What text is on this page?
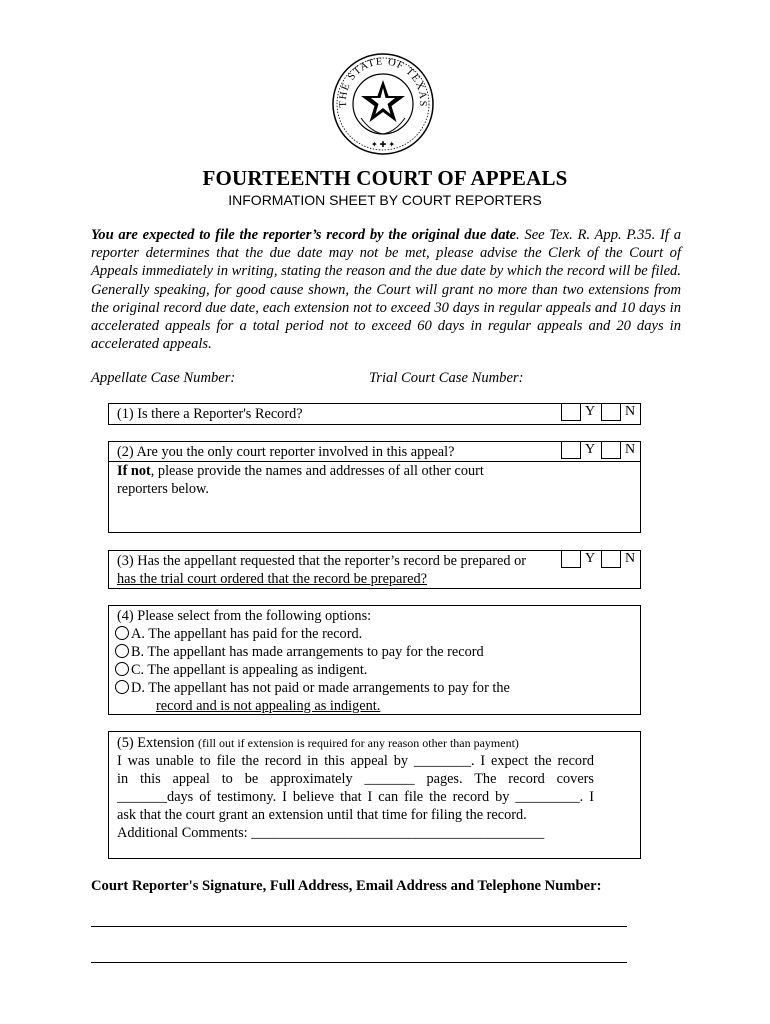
THE STATE OF TEXAS
✦ ✚ ✦
FOURTEENTH COURT OF APPEALS
INFORMATION SHEET BY COURT REPORTERS
You are expected to file the reporter’s record by the original due date. See Tex. R. App. P.35. If a reporter determines that the due date may not be met, please advise the Clerk of the Court of Appeals immediately in writing, stating the reason and the due date by which the record will be filed. Generally speaking, for good cause shown, the Court will grant no more than two extensions from the original record due date, each extension not to exceed 30 days in regular appeals and 10 days in accelerated appeals for a total period not to exceed 60 days in regular appeals and 20 days in accelerated appeals.
Appellate Case Number:	Trial Court Case Number:
(1) Is there a Reporter's Record?	Y N
(2) Are you the only court reporter involved in this appeal?	Y N
If not, please provide the names and addresses of all other court
reporters below.
(3) Has the appellant requested that the reporter’s record be prepared or
has the trial court ordered that the record be prepared?
Y N
(4) Please select from the following options:
A. The appellant has paid for the record.
B. The appellant has made arrangements to pay for the record
C. The appellant is appealing as indigent.
D. The appellant has not paid or made arrangements to pay for the
record and is not appealing as indigent.
(5) Extension (fill out if extension is required for any reason other than payment)
I was unable to file the record in this appeal by ________. I expect the record
in this appeal to be approximately _______ pages. The record covers
_______days of testimony. I believe that I can file the record by _________. I
ask that the court grant an extension until that time for filing the record.
Additional Comments: _________________________________________
Court Reporter's Signature, Full Address, Email Address and Telephone Number:
